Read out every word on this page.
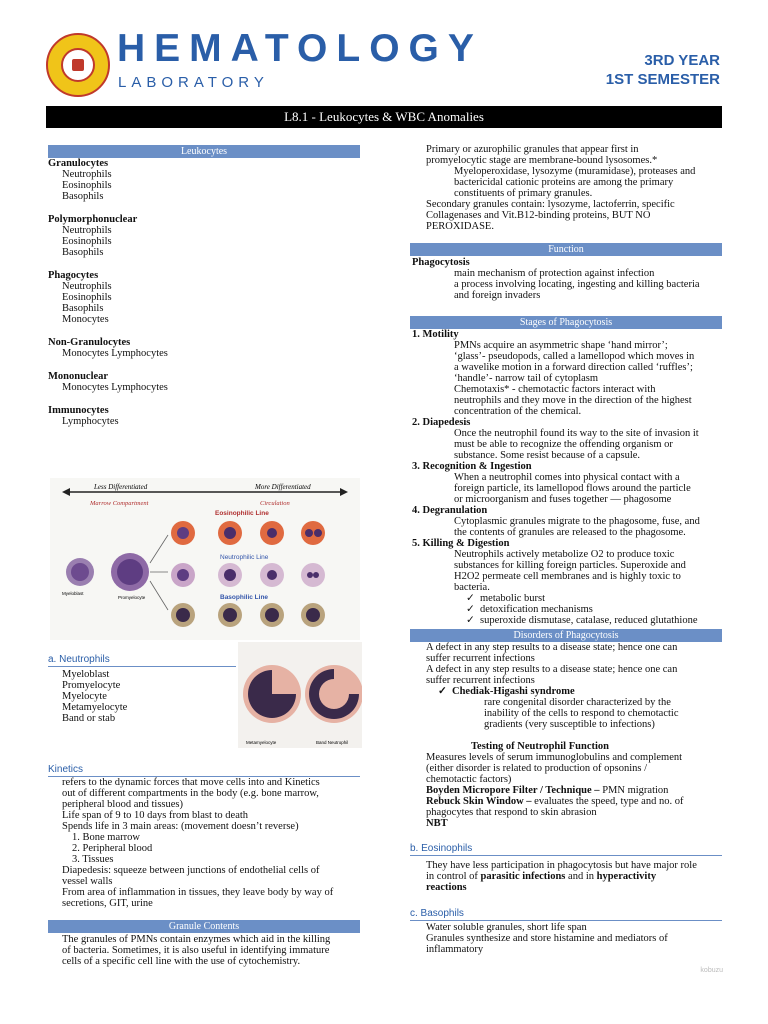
HEMATOLOGY
LABORATORY
3RD YEAR
1ST SEMESTER
L8.1 - Leukocytes & WBC Anomalies
Leukocytes
Granulocytes
Neutrophils
Eosinophils
Basophils
Polymorphonuclear
Neutrophils
Eosinophils
Basophils
Phagocytes
Neutrophils
Eosinophils
Basophils
Monocytes
Non-Granulocytes
Monocytes Lymphocytes
Mononuclear
Monocytes Lymphocytes
Immunocytes
Lymphocytes
Less Differentiated	More Differentiated
Marrow Compartment	Circulation
Eosinophilic Line
Neutrophilic Line
Basophilic Line
Myeloblast
Promyelocyte
a. Neutrophils
Myeloblast
Promyelocyte
Myelocyte
Metamyelocyte
Band or stab
Metamyelocyte	Band Neutrophil
Kinetics
refers to the dynamic forces that move cells into and Kinetics
out of different compartments in the body (e.g. bone marrow,
peripheral blood and tissues)
Life span of 9 to 10 days from blast to death
Spends life in 3 main areas: (movement doesn’t reverse)
1. Bone marrow
2. Peripheral blood
3. Tissues
Diapedesis: squeeze between junctions of endothelial cells of
vessel walls
From area of inflammation in tissues, they leave body by way of
secretions, GIT, urine
Granule Contents
The granules of PMNs contain enzymes which aid in the killing
of bacteria. Sometimes, it is also useful in identifying immature
cells of a specific cell line with the use of cytochemistry.
Primary or azurophilic granules that appear first in
promyelocytic stage are membrane-bound lysosomes.*
Myeloperoxidase, lysozyme (muramidase), proteases and
bactericidal cationic proteins are among the primary
constituents of primary granules.
Secondary granules contain: lysozyme, lactoferrin, specific
Collagenases and Vit.B12-binding proteins, BUT NO
PEROXIDASE.
Function
Phagocytosis
main mechanism of protection against infection
a process involving locating, ingesting and killing bacteria
and foreign invaders
Stages of Phagocytosis
1. Motility
PMNs acquire an asymmetric shape ‘hand mirror’;
‘glass’- pseudopods, called a lamellopod which moves in
a wavelike motion in a forward direction called ‘ruffles’;
‘handle’- narrow tail of cytoplasm
Chemotaxis* - chemotactic factors interact with
neutrophils and they move in the direction of the highest
concentration of the chemical.
2. Diapedesis
Once the neutrophil found its way to the site of invasion it
must be able to recognize the offending organism or
substance. Some resist because of a capsule.
3. Recognition & Ingestion
When a neutrophil comes into physical contact with a
foreign particle, its lamellopod flows around the particle
or microorganism and fuses together — phagosome
4. Degranulation
Cytoplasmic granules migrate to the phagosome, fuse, and
the contents of granules are released to the phagosome.
5. Killing & Digestion
Neutrophils actively metabolize O2 to produce toxic
substances for killing foreign particles. Superoxide and
H2O2 permeate cell membranes and is highly toxic to
bacteria.
✓ metabolic burst
✓ detoxification mechanisms
✓ superoxide dismutase, catalase, reduced glutathione
Disorders of Phagocytosis
A defect in any step results to a disease state; hence one can
suffer recurrent infections
A defect in any step results to a disease state; hence one can
suffer recurrent infections
✓ Chediak-Higashi syndrome
rare congenital disorder characterized by the
inability of the cells to respond to chemotactic
gradients (very susceptible to infections)
Testing of Neutrophil Function
Measures levels of serum immunoglobulins and complement
(either disorder is related to production of opsonins /
chemotactic factors)
Boyden Micropore Filter / Technique – PMN migration
Rebuck Skin Window – evaluates the speed, type and no. of
phagocytes that respond to skin abrasion
NBT
b. Eosinophils
They have less participation in phagocytosis but have major role
in control of parasitic infections and in hyperactivity
reactions
c. Basophils
Water soluble granules, short life span
Granules synthesize and store histamine and mediators of
inflammatory
kobuzu
